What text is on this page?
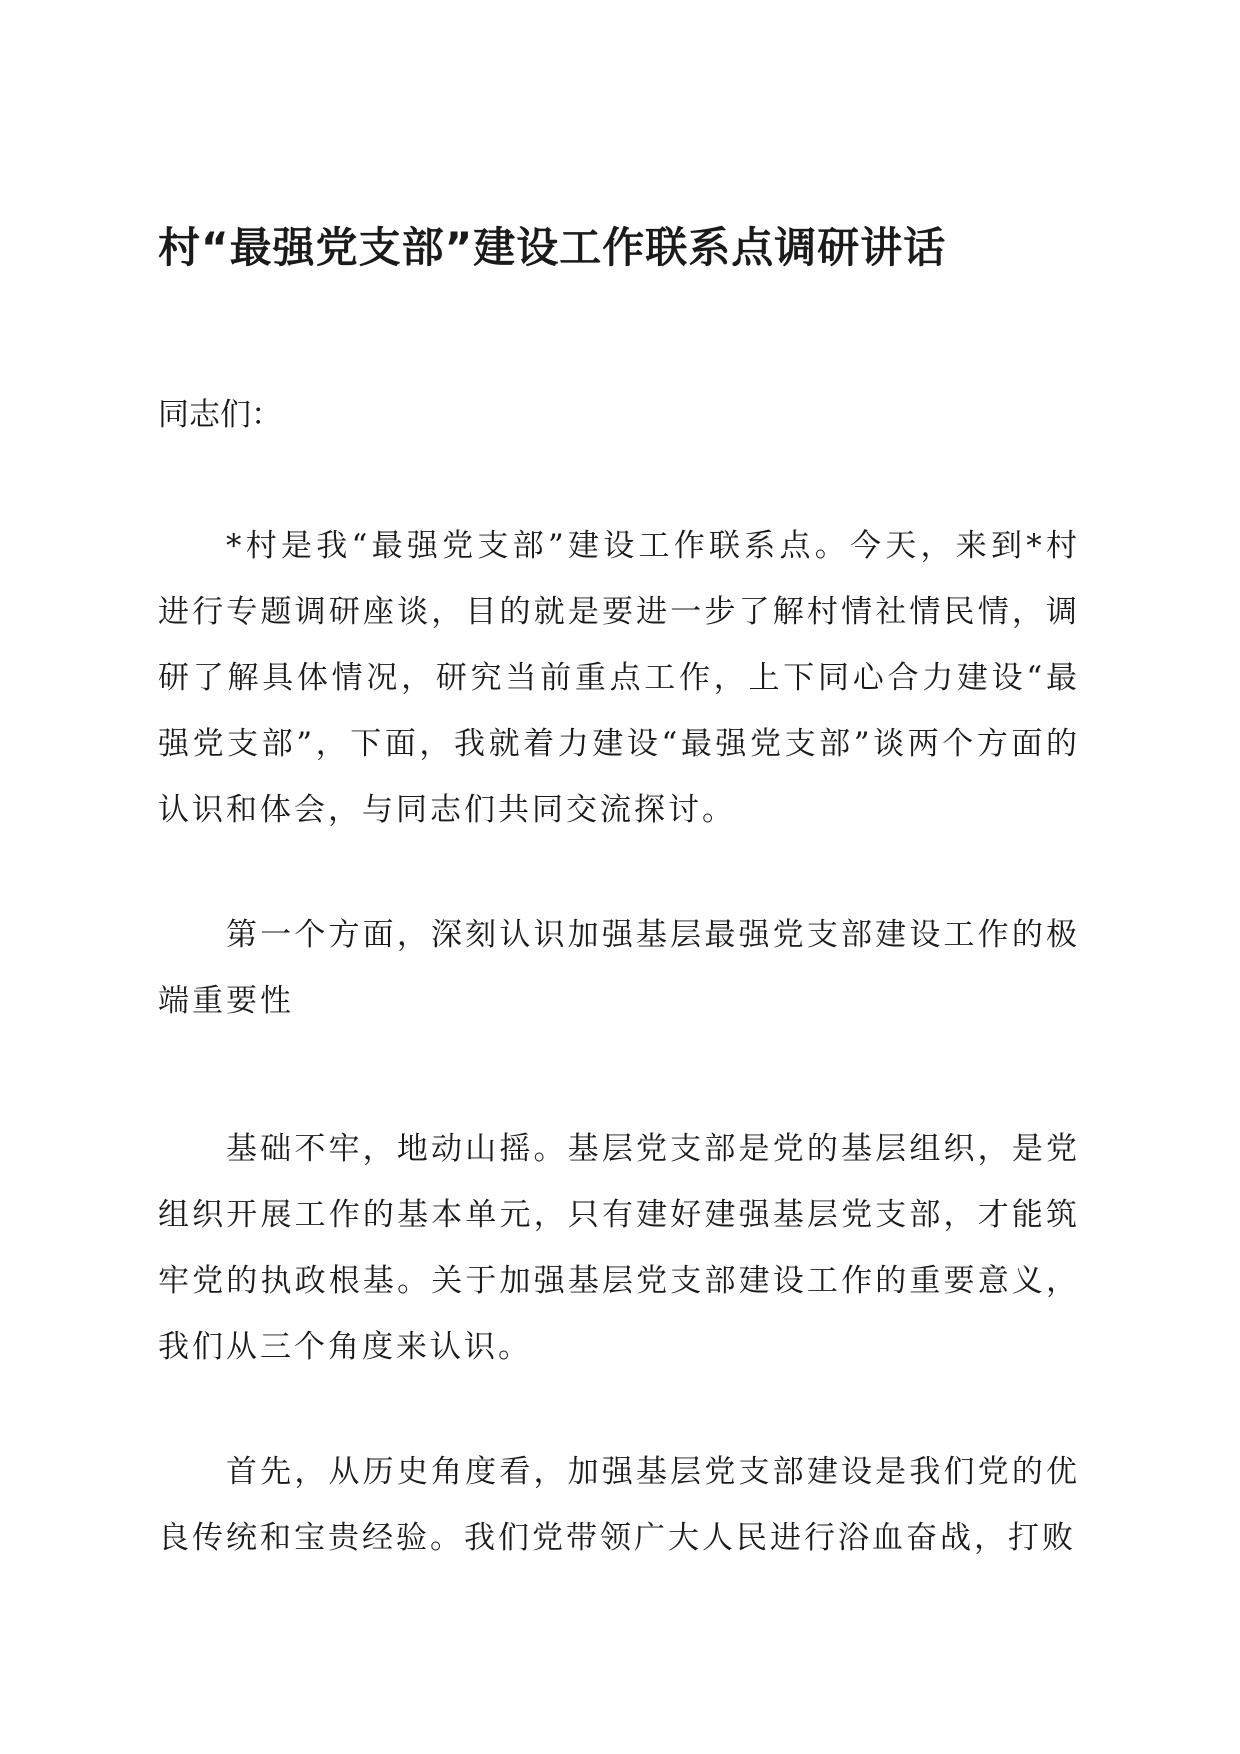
村“最强党支部”建设工作联系点调研讲话

同志们：

*村是我“最强党支部”建设工作联系点。今天，来到*村进行专题调研座谈，目的就是要进一步了解村情社情民情，调研了解具体情况，研究当前重点工作，上下同心合力建设“最强党支部”，下面，我就着力建设“最强党支部”谈两个方面的认识和体会，与同志们共同交流探讨。

第一个方面，深刻认识加强基层最强党支部建设工作的极端重要性

基础不牢，地动山摇。基层党支部是党的基层组织，是党组织开展工作的基本单元，只有建好建强基层党支部，才能筑牢党的执政根基。关于加强基层党支部建设工作的重要意义，我们从三个角度来认识。

首先，从历史角度看，加强基层党支部建设是我们党的优良传统和宝贵经验。我们党带领广大人民进行浴血奋战，打败
